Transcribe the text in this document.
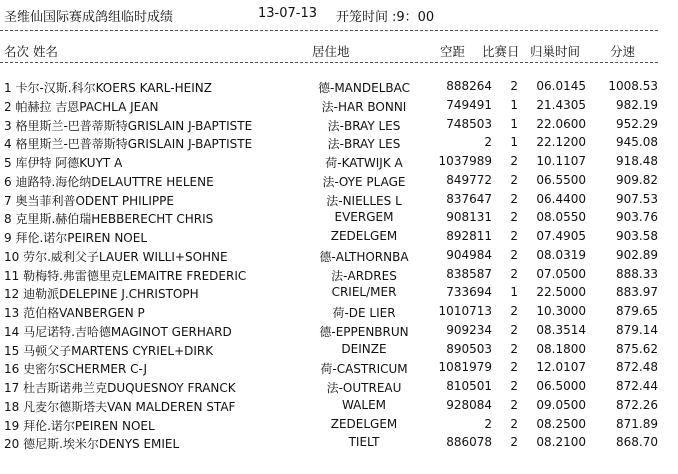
圣维仙国际赛成鸽组临时成绩	13-07-13 开笼时间 :9：00
名次 姓名	居住地	空距 比赛日 归巢时间 分速
1 卡尔-汉斯.科尔KOERS KARL-HEINZ	德-MANDELBAC	888264	2	06.0145	1008.53
2 帕赫拉 吉恩PACHLA JEAN	法-HAR BONNI	749491	1	21.4305	982.19
3 格里斯兰-巴普蒂斯特GRISLAIN J-BAPTISTE	法-BRAY LES	748503	1	22.0600	952.29
4 格里斯兰-巴普蒂斯特GRISLAIN J-BAPTISTE	法-BRAY LES	2	1	22.1200	945.08
5 库伊特 阿德KUYT A	荷-KATWIJK A	1037989	2	10.1107	918.48
6 迪路特.海伦纳DELAUTTRE HELENE	法-OYE PLAGE	849772	2	06.5500	909.82
7 奥当菲利普ODENT PHILIPPE	法-NIELLES L	837647	2	06.4400	907.53
8 克里斯.赫伯瑞HEBBERECHT CHRIS	EVERGEM	908131	2	08.0550	903.76
9 拜伦.诺尔PEIREN NOEL	ZEDELGEM	892811	2	07.4905	903.58
10 劳尔.威利父子LAUER WILLI+SOHNE	德-ALTHORNBA	904984	2	08.0319	902.89
11 勒梅特.弗雷德里克LEMAITRE FREDERIC	法-ARDRES	838587	2	07.0500	888.33
12 迪勒派DELEPINE J.CHRISTOPH	CRIEL/MER	733694	1	22.5000	883.97
13 范伯格VANBERGEN P	荷-DE LIER	1010713	2	10.3000	879.65
14 马尼诺特.吉哈德MAGINOT GERHARD	德-EPPENBRUN	909234	2	08.3514	879.14
15 马顿父子MARTENS CYRIEL+DIRK	DEINZE	890503	2	08.1800	875.62
16 史密尔SCHERMER C-J	荷-CASTRICUM	1081979	2	12.0107	872.48
17 杜吉斯诺弗兰克DUQUESNOY FRANCK	法-OUTREAU	810501	2	06.5000	872.44
18 凡麦尔德斯塔夫VAN MALDEREN STAF	WALEM	928084	2	09.0500	872.26
19 拜伦.诺尔PEIREN NOEL	ZEDELGEM	2	2	08.2500	871.89
20 德尼斯.埃米尔DENYS EMIEL	TIELT	886078	2	08.2100	868.70
